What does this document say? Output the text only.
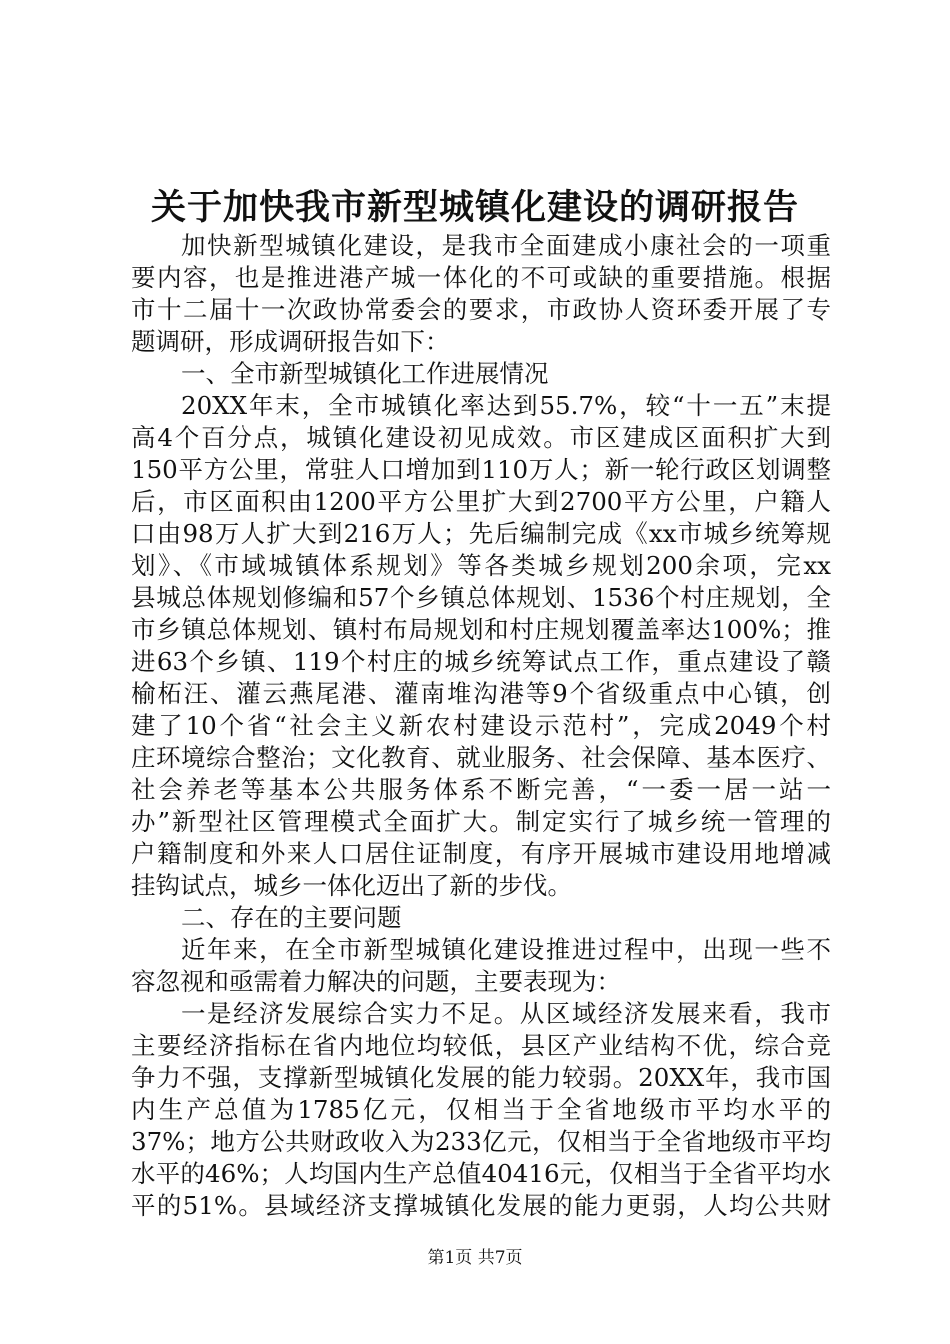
关于加快我市新型城镇化建设的调研报告
加快新型城镇化建设，是我市全面建成小康社会的一项重
要内容，也是推进港产城一体化的不可或缺的重要措施。根据
市十二届十一次政协常委会的要求，市政协人资环委开展了专
题调研，形成调研报告如下：
一、全市新型城镇化工作进展情况
20XX年末，全市城镇化率达到55.7%，较“十一五”末提
高4个百分点，城镇化建设初见成效。市区建成区面积扩大到
150平方公里，常驻人口增加到110万人；新一轮行政区划调整
后，市区面积由1200平方公里扩大到2700平方公里，户籍人
口由98万人扩大到216万人；先后编制完成《xx市城乡统筹规
划》、《市域城镇体系规划》等各类城乡规划200余项，完xx
县城总体规划修编和57个乡镇总体规划、1536个村庄规划，全
市乡镇总体规划、镇村布局规划和村庄规划覆盖率达100%；推
进63个乡镇、119个村庄的城乡统筹试点工作，重点建设了赣
榆柘汪、灌云燕尾港、灌南堆沟港等9个省级重点中心镇，创
建了10个省“社会主义新农村建设示范村”，完成2049个村
庄环境综合整治；文化教育、就业服务、社会保障、基本医疗、
社会养老等基本公共服务体系不断完善，“一委一居一站一
办”新型社区管理模式全面扩大。制定实行了城乡统一管理的
户籍制度和外来人口居住证制度，有序开展城市建设用地增减
挂钩试点，城乡一体化迈出了新的步伐。
二、存在的主要问题
近年来，在全市新型城镇化建设推进过程中，出现一些不
容忽视和亟需着力解决的问题，主要表现为：
一是经济发展综合实力不足。从区域经济发展来看，我市
主要经济指标在省内地位均较低，县区产业结构不优，综合竞
争力不强，支撑新型城镇化发展的能力较弱。20XX年，我市国
内生产总值为1785亿元，仅相当于全省地级市平均水平的
37%；地方公共财政收入为233亿元，仅相当于全省地级市平均
水平的46%；人均国内生产总值40416元，仅相当于全省平均水
平的51%。县域经济支撑城镇化发展的能力更弱，人均公共财
第1页 共7页
